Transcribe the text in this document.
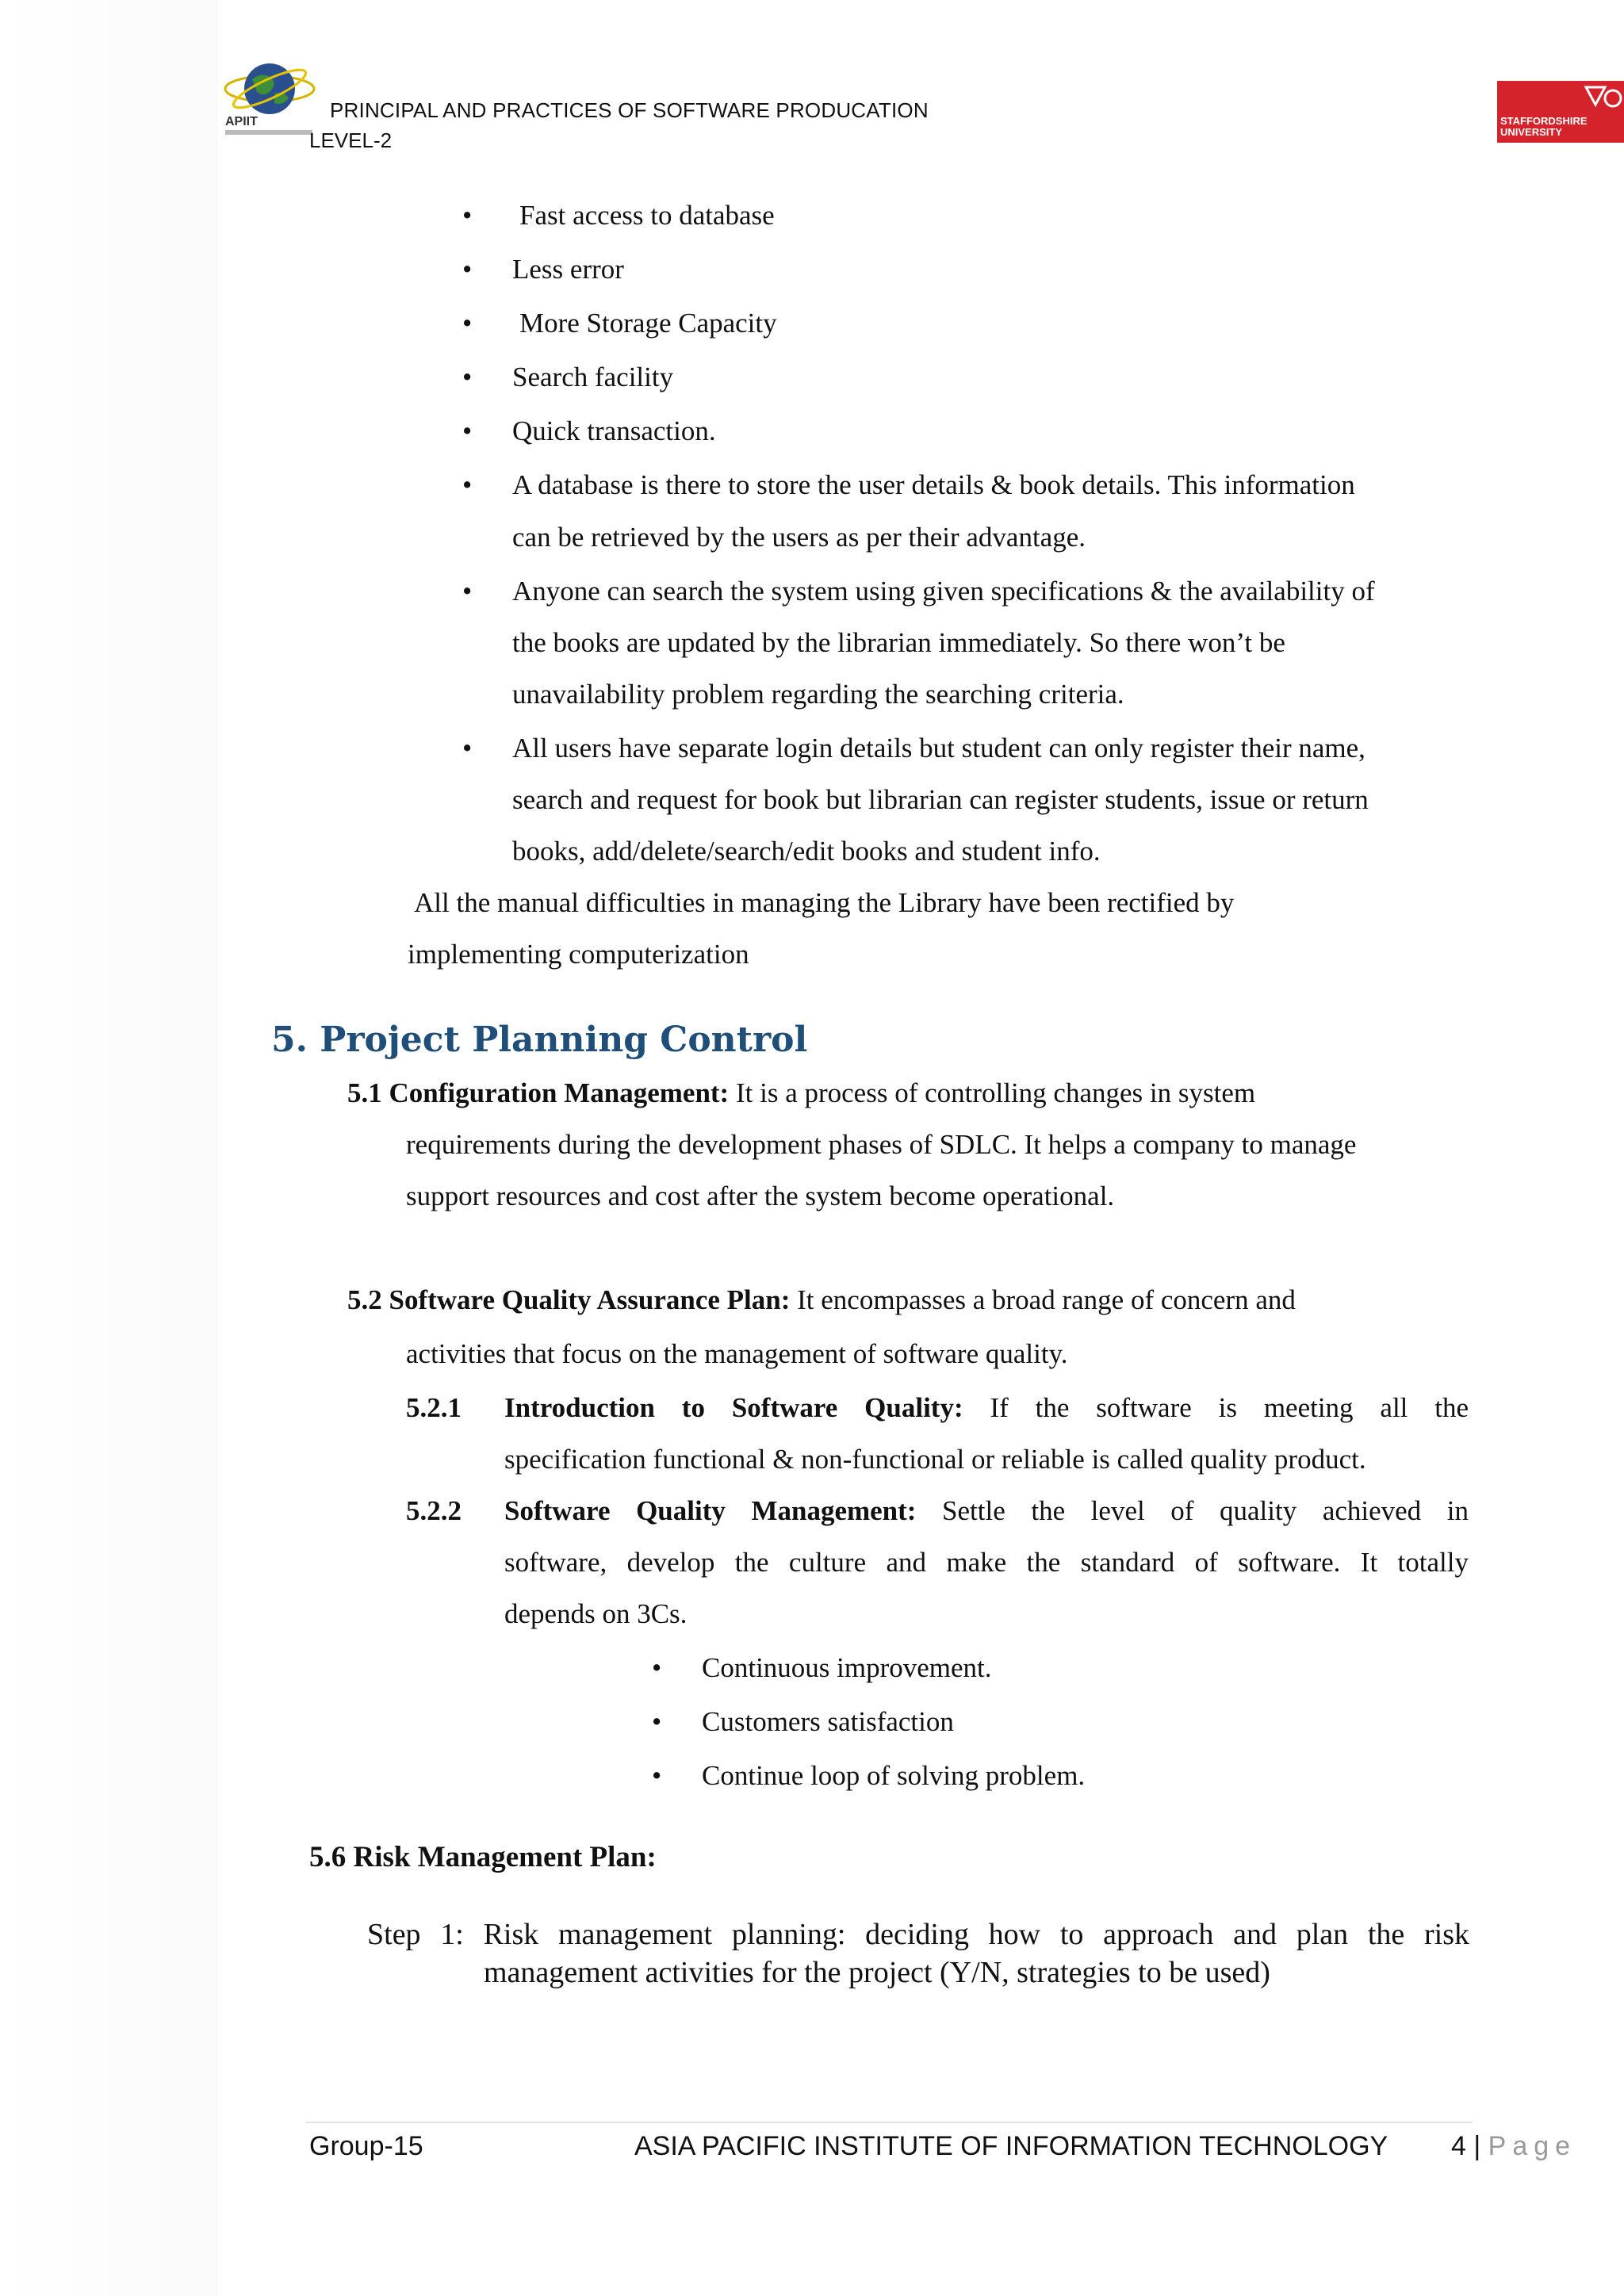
APIIT	PRINCIPAL AND PRACTICES OF SOFTWARE PRODUCATION
LEVEL-2
STAFFORDSHIRE UNIVERSITY
• Fast access to database
• Less error
• More Storage Capacity
• Search facility
• Quick transaction.
• A database is there to store the user details & book details. This information
can be retrieved by the users as per their advantage.
• Anyone can search the system using given specifications & the availability of
the books are updated by the librarian immediately. So there won’t be
unavailability problem regarding the searching criteria.
• All users have separate login details but student can only register their name,
search and request for book but librarian can register students, issue or return
books, add/delete/search/edit books and student info.
All the manual difficulties in managing the Library have been rectified by
implementing computerization
5. Project Planning Control
5.1 Configuration Management: It is a process of controlling changes in system
requirements during the development phases of SDLC. It helps a company to manage
support resources and cost after the system become operational.
5.2 Software Quality Assurance Plan: It encompasses a broad range of concern and
activities that focus on the management of software quality.
5.2.1 Introduction to Software Quality: If the software is meeting all the
specification functional & non-functional or reliable is called quality product.
5.2.2 Software Quality Management: Settle the level of quality achieved in
software, develop the culture and make the standard of software. It totally
depends on 3Cs.
• Continuous improvement.
• Customers satisfaction
• Continue loop of solving problem.
5.6 Risk Management Plan:
Step 1: Risk management planning: deciding how to approach and plan the risk
management activities for the project (Y/N, strategies to be used)
Group-15	ASIA PACIFIC INSTITUTE OF INFORMATION TECHNOLOGY 4 | Page
